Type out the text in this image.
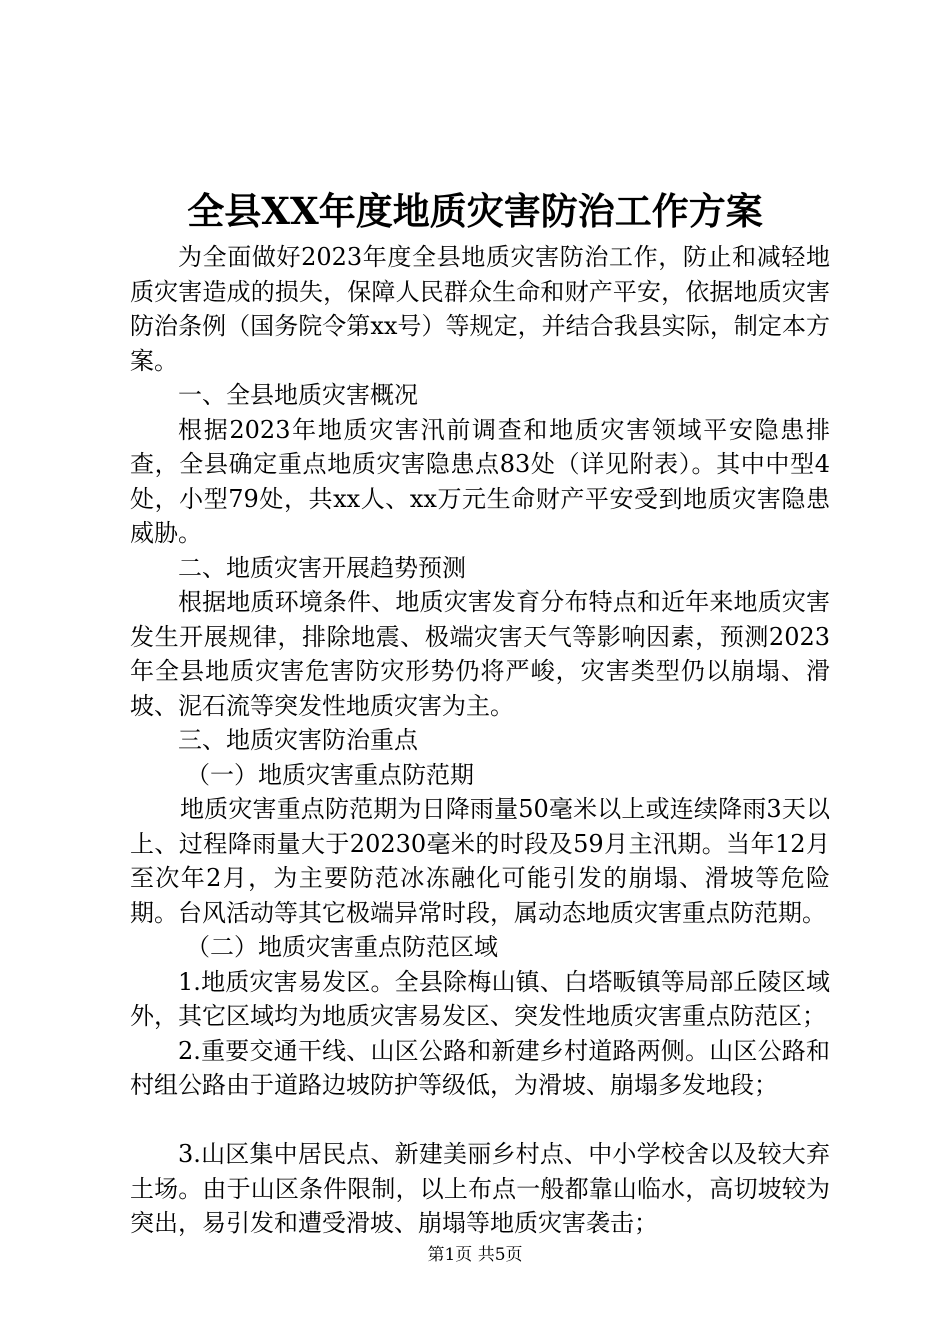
全县XX年度地质灾害防治工作方案

为全面做好2023年度全县地质灾害防治工作，防止和减轻地质灾害造成的损失，保障人民群众生命和财产平安，依据地质灾害防治条例（国务院令第xx号）等规定，并结合我县实际，制定本方案。

一、全县地质灾害概况

根据2023年地质灾害汛前调查和地质灾害领域平安隐患排查，全县确定重点地质灾害隐患点83处（详见附表）。其中中型4处，小型79处，共xx人、xx万元生命财产平安受到地质灾害隐患威胁。

二、地质灾害开展趋势预测

根据地质环境条件、地质灾害发育分布特点和近年来地质灾害发生开展规律，排除地震、极端灾害天气等影响因素，预测2023年全县地质灾害危害防灾形势仍将严峻，灾害类型仍以崩塌、滑坡、泥石流等突发性地质灾害为主。

三、地质灾害防治重点

（一）地质灾害重点防范期

地质灾害重点防范期为日降雨量50毫米以上或连续降雨3天以上、过程降雨量大于20230毫米的时段及59月主汛期。当年12月至次年2月，为主要防范冰冻融化可能引发的崩塌、滑坡等危险期。台风活动等其它极端异常时段，属动态地质灾害重点防范期。

（二）地质灾害重点防范区域

1.地质灾害易发区。全县除梅山镇、白塔畈镇等局部丘陵区域外，其它区域均为地质灾害易发区、突发性地质灾害重点防范区；

2.重要交通干线、山区公路和新建乡村道路两侧。山区公路和村组公路由于道路边坡防护等级低，为滑坡、崩塌多发地段；

3.山区集中居民点、新建美丽乡村点、中小学校舍以及较大弃土场。由于山区条件限制，以上布点一般都靠山临水，高切坡较为突出，易引发和遭受滑坡、崩塌等地质灾害袭击；

第1页 共5页
